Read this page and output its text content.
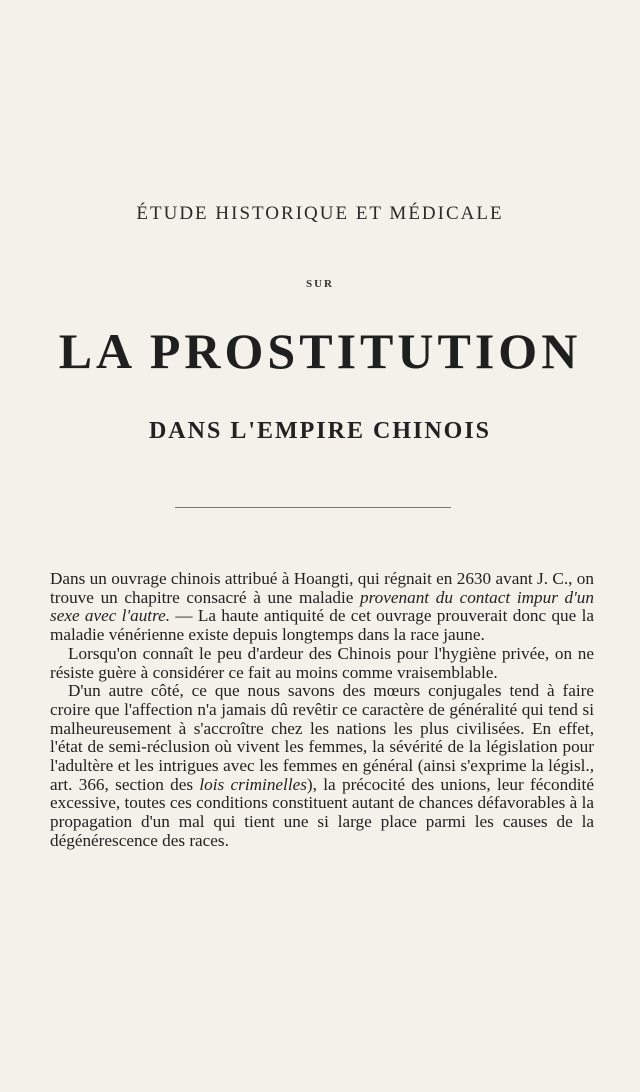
ÉTUDE HISTORIQUE ET MÉDICALE
SUR
LA PROSTITUTION
DANS L'EMPIRE CHINOIS

Dans un ouvrage chinois attribué à Hoangti, qui régnait en 2630 avant J. C., on trouve un chapitre consacré à une maladie provenant du contact impur d'un sexe avec l'autre. — La haute antiquité de cet ouvrage prouverait donc que la maladie vénérienne existe depuis longtemps dans la race jaune.

Lorsqu'on connaît le peu d'ardeur des Chinois pour l'hygiène privée, on ne résiste guère à considérer ce fait au moins comme vraisemblable.

D'un autre côté, ce que nous savons des mœurs conjugales tend à faire croire que l'affection n'a jamais dû revêtir ce caractère de généralité qui tend si malheureusement à s'accroître chez les nations les plus civilisées. En effet, l'état de semi-réclusion où vivent les femmes, la sévérité de la législation pour l'adultère et les intrigues avec les femmes en général (ainsi s'exprime la législ., art. 366, section des lois criminelles), la précocité des unions, leur fécondité excessive, toutes ces conditions constituent autant de chances défavorables à la propagation d'un mal qui tient une si large place parmi les causes de la dégénérescence des races.
